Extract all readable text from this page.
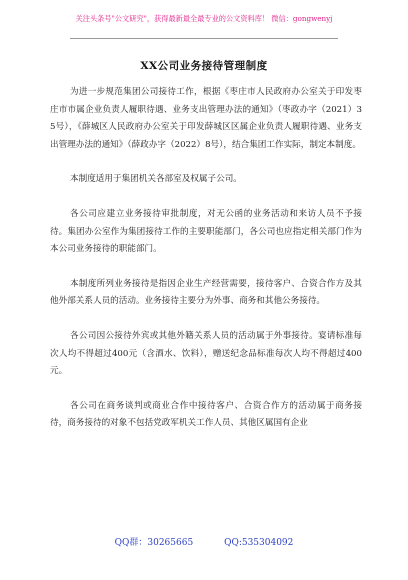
关注头条号"公文研究"，获得最新最全最专业的公文资料库！ 微信：gongwenyj
XX公司业务接待管理制度

为进一步规范集团公司接待工作，根据《枣庄市人民政府办公室关于印发枣庄市市属企业负责人履职待遇、业务支出管理办法的通知》（枣政办字（2021）35号），《薛城区人民政府办公室关于印发薛城区区属企业负责人履职待遇、业务支出管理办法的通知》（薛政办字（2022）8号），结合集团工作实际，制定本制度。

本制度适用于集团机关各部室及权属子公司。

各公司应建立业务接待审批制度，对无公函的业务活动和来访人员不予接待。集团办公室作为集团接待工作的主要职能部门，各公司也应指定相关部门作为本公司业务接待的职能部门。

本制度所列业务接待是指因企业生产经营需要，接待客户、合资合作方及其他外部关系人员的活动。业务接待主要分为外事、商务和其他公务接待。

各公司因公接待外宾或其他外籍关系人员的活动属于外事接待。宴请标准每次人均不得超过400元（含酒水、饮料），赠送纪念品标准每次人均不得超过400元。

各公司在商务谈判或商业合作中接待客户、合资合作方的活动属于商务接待，商务接待的对象不包括党政军机关工作人员、其他区属国有企业

QQ群：30265665	QQ:535304092
